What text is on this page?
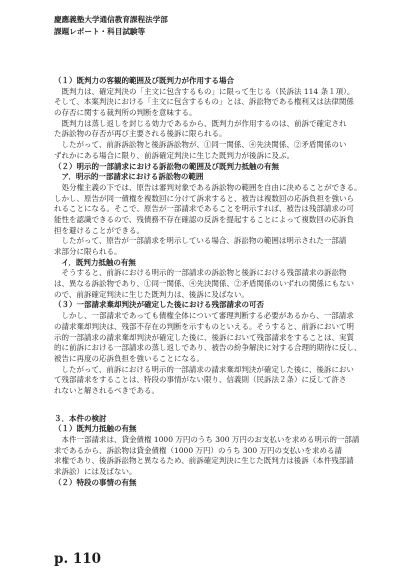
慶應義塾大学通信教育課程法学部
課題レポート・科目試験等
（１）既判力の客観的範囲及び既判力が作用する場合
　既判力は、確定判決の「主文に包含するもの」に限って生じる（民訴法 114 条１項）。
そして、本案判決における「主文に包含するもの」とは、訴訟物である権利又は法律関係
の存否に関する裁判所の判断を意味する。
　既判力は蒸し返しを封じる効力であるから、既判力が作用するのは、前訴で確定され
た訴訟物の存否が再び主要される後訴に限られる。
　したがって、前訴訴訟物と後訴訴訟物が、①同一関係、④先決関係、②矛盾関係のい
ずれかにある場合に限り、前訴確定判決に生じた既判力が後訴に及ぶ。
（２）明示的一部請求における訴訟物の範囲及び既判力抵触の有無
　ア．明示的一部請求における訴訟物の範囲
　処分権主義の下では、原告は審判対象である訴訟物の範囲を自由に決めることができる。
しかし、原告が同一債権を複数回に分けて訴求すると、被告は複数回の応訴負担を強いら
れることになる。そこで、原告が一部請求であることを明示すれば、被告は残部請求の可
能性を認識できるので、残債務不存在確認の反訴を提起することによって複数回の応訴負
担を避けることができる。
　したがって、原告が一部請求を明示している場合、訴訟物の範囲は明示された一部請
求部分に限られる。
　イ．既判力抵触の有無
　そうすると、前訴における明示的一部請求の訴訟物と後訴における残部請求の訴訟物
は、異なる訴訟物であり、①同一関係、④先決関係、②矛盾関係のいずれの関係にもない
ので、前訴確定判決に生じた既判力は、後訴に及ばない。
（３）一部請求棄却判決が確定した後における残部請求の可否
　しかし、一部請求であっても債権全体について審理判断する必要があるから、一部請求
の請求棄却判決は、残部不存在の判断を示すものといえる。そうすると、前訴において明
示的一部請求の請求棄却判決が確定した後に、後訴において残部請求をすることは、実質
的に前訴における一部請求の蒸し返しであり、被告の紛争解決に対する合理的期待に反し、
被告に再度の応訴負担を強いることになる。
　したがって、前訴における明示的一部請求の請求棄却判決が確定した後に、後訴におい
て残部請求をすることは、特段の事情がない限り、信義則（民訴法２条）に反して許さ
れないと解されるべきである。
３．本件の検討
（１）既判力抵触の有無
　本件一部請求は、貸金債権 1000 万円のうち 300 万円のお支払いを求める明示的一部請
求であるから、訴訟物は貸金債権（1000 万円）のうち 300 万円の支払いを求める請
求権であり、後訴訴訟物と異なるため、前訴確定判決に生じた既判力は後訴（本件残部請
求訴訟）には及ばない。
（２）特段の事情の有無
p. 110
